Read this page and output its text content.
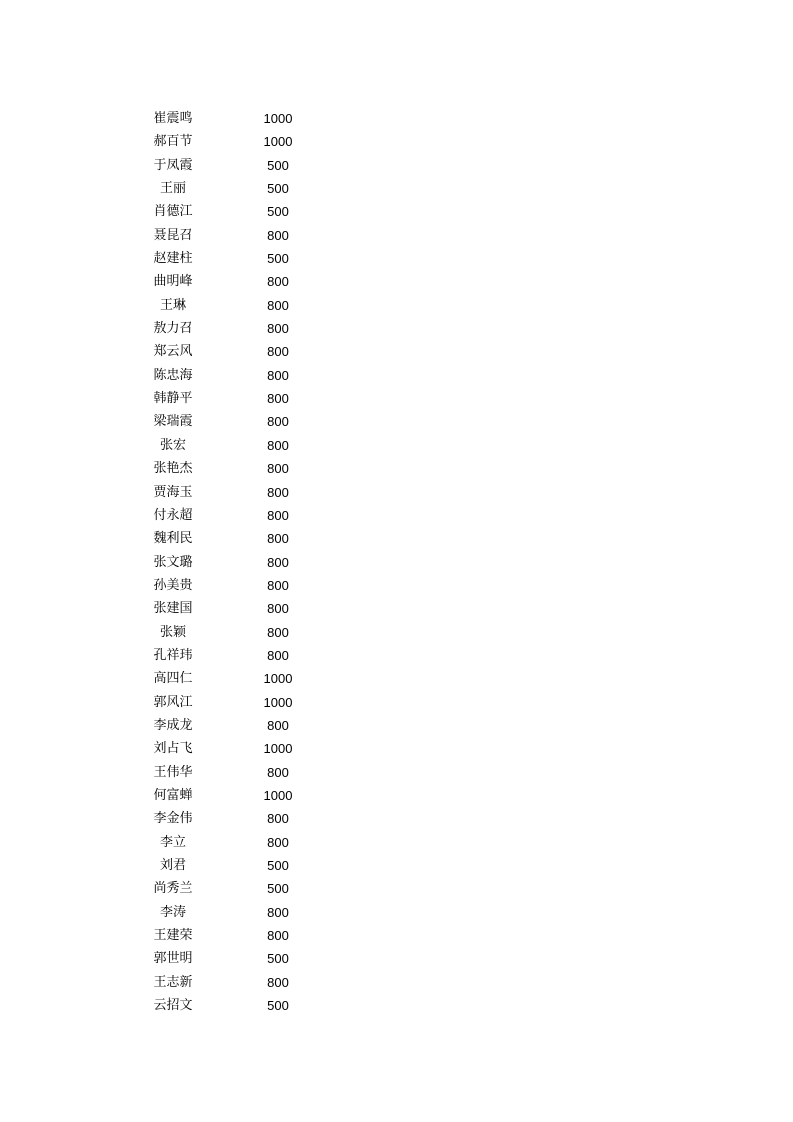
崔震鸣	1000
郝百节	1000
于凤霞	500
王丽	500
肖德江	500
聂昆召	800
赵建柱	500
曲明峰	800
王琳	800
敖力召	800
郑云风	800
陈忠海	800
韩静平	800
梁瑞霞	800
张宏	800
张艳杰	800
贾海玉	800
付永超	800
魏利民	800
张文璐	800
孙美贵	800
张建国	800
张颖	800
孔祥玮	800
高四仁	1000
郭风江	1000
李成龙	800
刘占飞	1000
王伟华	800
何富蝉	1000
李金伟	800
李立	800
刘君	500
尚秀兰	500
李涛	800
王建荣	800
郭世明	500
王志新	800
云招文	500
